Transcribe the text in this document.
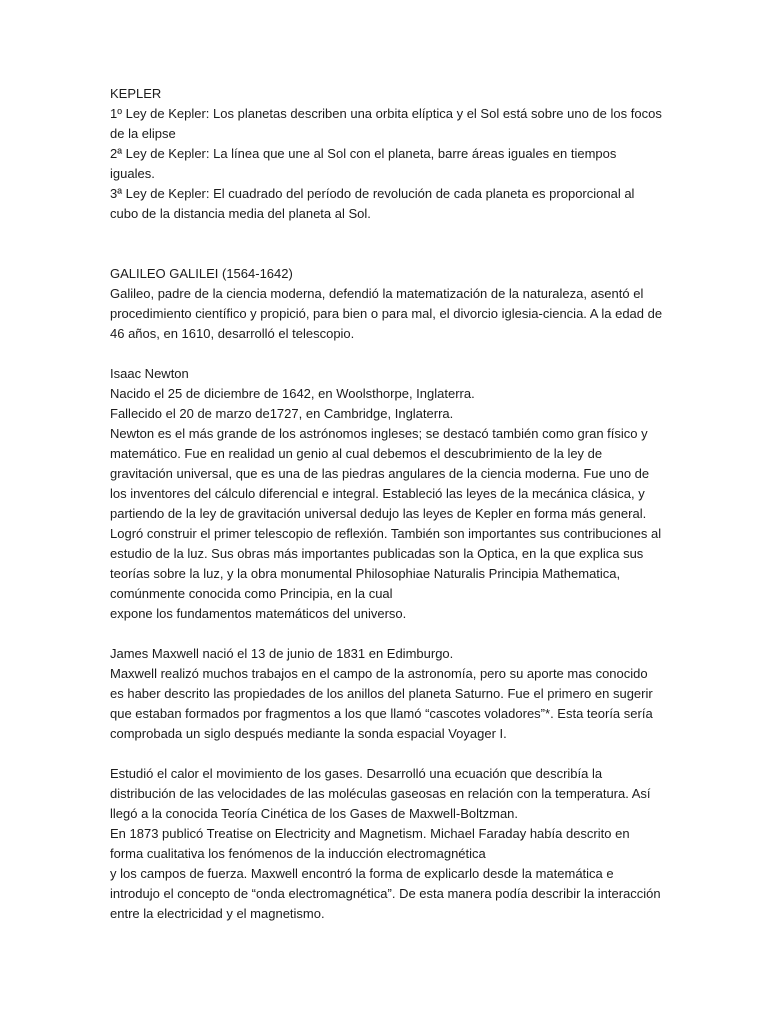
KEPLER
1º Ley de Kepler: Los planetas describen una orbita elíptica y el Sol está sobre uno de los focos
de la elipse
2ª Ley de Kepler: La línea que une al Sol con el planeta, barre áreas iguales en tiempos
iguales.
3ª Ley de Kepler: El cuadrado del período de revolución de cada planeta es proporcional al
cubo de la distancia media del planeta al Sol.
GALILEO GALILEI (1564-1642)
Galileo, padre de la ciencia moderna, defendió la matematización de la naturaleza, asentó el
procedimiento científico y propició, para bien o para mal, el divorcio iglesia-ciencia. A la edad de
46 años, en 1610, desarrolló el telescopio.
Isaac Newton
Nacido el 25 de diciembre de 1642, en Woolsthorpe, Inglaterra.
Fallecido el 20 de marzo de1727, en Cambridge, Inglaterra.
Newton es el más grande de los astrónomos ingleses; se destacó también como gran físico y
matemático. Fue en realidad un genio al cual debemos el descubrimiento de la ley de
gravitación universal, que es una de las piedras angulares de la ciencia moderna. Fue uno de
los inventores del cálculo diferencial e integral. Estableció las leyes de la mecánica clásica, y
partiendo de la ley de gravitación universal dedujo las leyes de Kepler en forma más general.
Logró construir el primer telescopio de reflexión. También son importantes sus contribuciones al
estudio de la luz. Sus obras más importantes publicadas son la Optica, en la que explica sus
teorías sobre la luz, y la obra monumental Philosophiae Naturalis Principia Mathematica,
comúnmente conocida como Principia, en la cual
expone los fundamentos matemáticos del universo.
James Maxwell nació el 13 de junio de 1831 en Edimburgo.
Maxwell realizó muchos trabajos en el campo de la astronomía, pero su aporte mas conocido
es haber descrito las propiedades de los anillos del planeta Saturno. Fue el primero en sugerir
que estaban formados por fragmentos a los que llamó “cascotes voladores”*. Esta teoría sería
comprobada un siglo después mediante la sonda espacial Voyager I.
Estudió el calor el movimiento de los gases. Desarrolló una ecuación que describía la
distribución de las velocidades de las moléculas gaseosas en relación con la temperatura. Así
llegó a la conocida Teoría Cinética de los Gases de Maxwell-Boltzman.
En 1873 publicó Treatise on Electricity and Magnetism. Michael Faraday había descrito en
forma cualitativa los fenómenos de la inducción electromagnética
y los campos de fuerza. Maxwell encontró la forma de explicarlo desde la matemática e
introdujo el concepto de “onda electromagnética”. De esta manera podía describir la interacción
entre la electricidad y el magnetismo.
